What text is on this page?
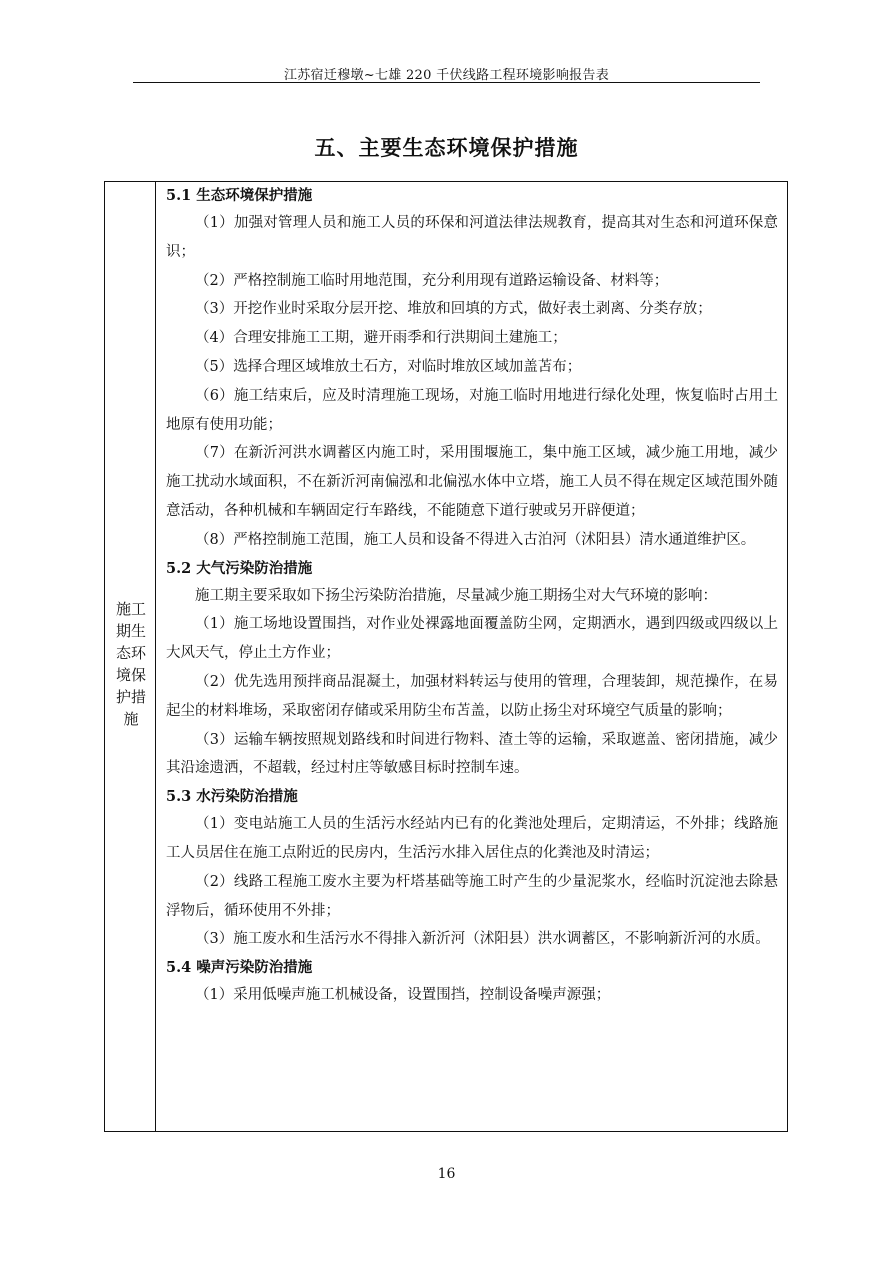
江苏宿迁穆墩~七雄 220 千伏线路工程环境影响报告表
五、主要生态环境保护措施
施工期生态环境保护措施
5.1 生态环境保护措施

（1）加强对管理人员和施工人员的环保和河道法律法规教育，提高其对生态和河道环保意识；

（2）严格控制施工临时用地范围，充分利用现有道路运输设备、材料等；

（3）开挖作业时采取分层开挖、堆放和回填的方式，做好表土剥离、分类存放；

（4）合理安排施工工期，避开雨季和行洪期间土建施工；

（5）选择合理区域堆放土石方，对临时堆放区域加盖苫布；

（6）施工结束后，应及时清理施工现场，对施工临时用地进行绿化处理，恢复临时占用土地原有使用功能；

（7）在新沂河洪水调蓄区内施工时，采用围堰施工，集中施工区域，减少施工用地，减少施工扰动水域面积，不在新沂河南偏泓和北偏泓水体中立塔，施工人员不得在规定区域范围外随意活动，各种机械和车辆固定行车路线，不能随意下道行驶或另开辟便道；

（8）严格控制施工范围，施工人员和设备不得进入古泊河（沭阳县）清水通道维护区。

5.2 大气污染防治措施

施工期主要采取如下扬尘污染防治措施，尽量减少施工期扬尘对大气环境的影响：

（1）施工场地设置围挡，对作业处裸露地面覆盖防尘网，定期洒水，遇到四级或四级以上大风天气，停止土方作业；

（2）优先选用预拌商品混凝土，加强材料转运与使用的管理，合理装卸，规范操作，在易起尘的材料堆场，采取密闭存储或采用防尘布苫盖，以防止扬尘对环境空气质量的影响；

（3）运输车辆按照规划路线和时间进行物料、渣土等的运输，采取遮盖、密闭措施，减少其沿途遗洒，不超载，经过村庄等敏感目标时控制车速。

5.3 水污染防治措施

（1）变电站施工人员的生活污水经站内已有的化粪池处理后，定期清运，不外排；线路施工人员居住在施工点附近的民房内，生活污水排入居住点的化粪池及时清运；

（2）线路工程施工废水主要为杆塔基础等施工时产生的少量泥浆水，经临时沉淀池去除悬浮物后，循环使用不外排；

（3）施工废水和生活污水不得排入新沂河（沭阳县）洪水调蓄区，不影响新沂河的水质。

5.4 噪声污染防治措施

（1）采用低噪声施工机械设备，设置围挡，控制设备噪声源强；

16
